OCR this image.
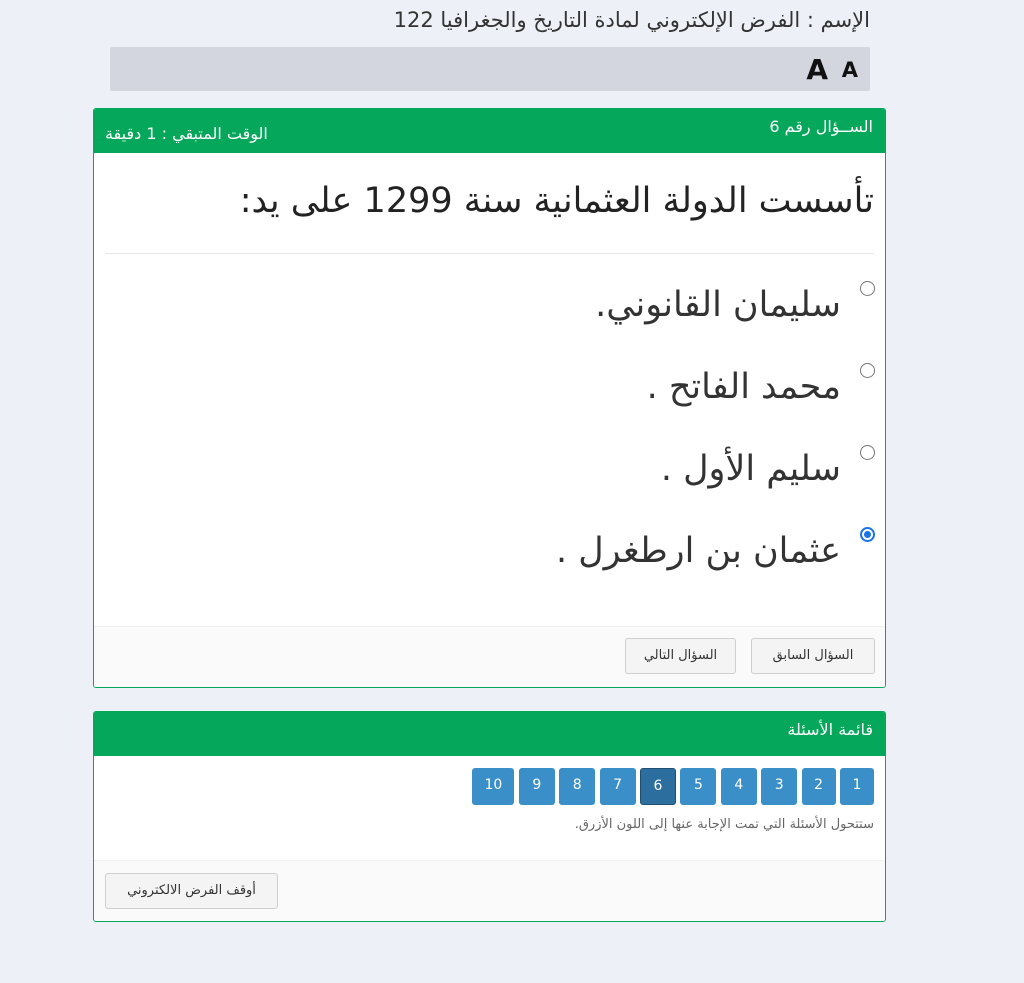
الإسم : الفرض الإلكتروني لمادة التاريخ والجغرافيا 122
A A
الســؤال رقم 6
الوقت المتبقي : 1 دقيقة
تأسست الدولة العثمانية سنة 1299 على يد:
سليمان القانوني.
محمد الفاتح .
سليم الأول .
عثمان بن ارطغرل .
السؤال السابق
السؤال التالي
قائمة الأسئلة
1
2
3
4
5
6
7
8
9
10
ستتحول الأسئلة التي تمت الإجابة عنها إلى اللون الأزرق.
أوقف الفرض الالكتروني
